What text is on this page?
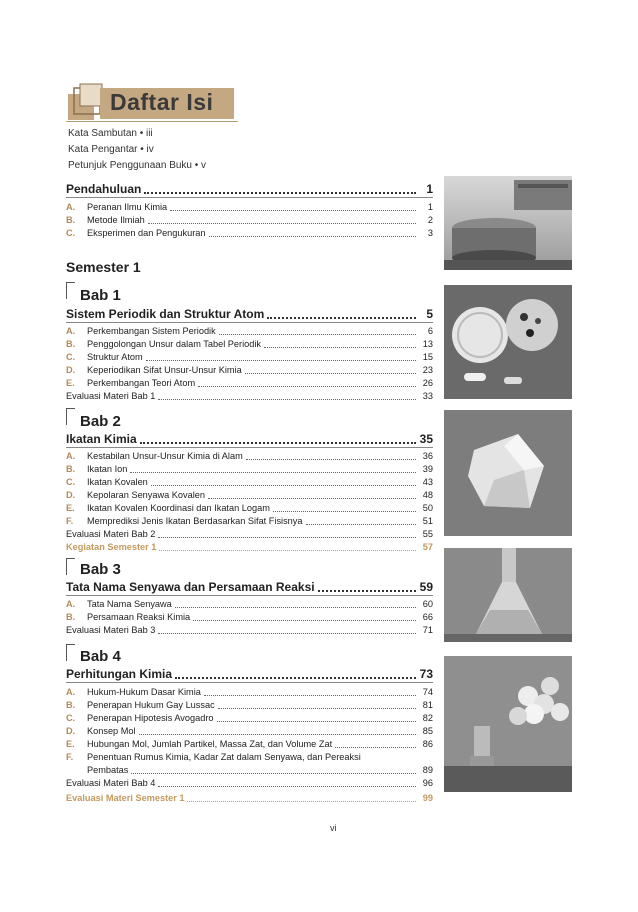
Daftar Isi
Kata Sambutan • iii
Kata Pengantar • iv
Petunjuk Penggunaan Buku • v
Pendahuluan	1
A.	Peranan Ilmu Kimia	1
B.	Metode Ilmiah	2
C.	Eksperimen dan Pengukuran	3
Semester 1
Bab 1
Sistem Periodik dan Struktur Atom	5
A.	Perkembangan Sistem Periodik	6
B.	Penggolongan Unsur dalam Tabel Periodik	13
C.	Struktur Atom	15
D.	Keperiodikan Sifat Unsur-Unsur Kimia	23
E.	Perkembangan Teori Atom	26
Evaluasi Materi Bab 1	33
Bab 2
Ikatan Kimia	35
A.	Kestabilan Unsur-Unsur Kimia di Alam	36
B.	Ikatan Ion	39
C.	Ikatan Kovalen	43
D.	Kepolaran Senyawa Kovalen	48
E.	Ikatan Kovalen Koordinasi dan Ikatan Logam	50
F.	Memprediksi Jenis Ikatan Berdasarkan Sifat Fisisnya	51
Evaluasi Materi Bab 2	55
Kegiatan Semester 1	57
Bab 3
Tata Nama Senyawa dan Persamaan Reaksi	59
A.	Tata Nama Senyawa	60
B.	Persamaan Reaksi Kimia	66
Evaluasi Materi Bab 3	71
Bab 4
Perhitungan Kimia	73
A.	Hukum-Hukum Dasar Kimia	74
B.	Penerapan Hukum Gay Lussac	81
C.	Penerapan Hipotesis Avogadro	82
D.	Konsep Mol	85
E.	Hubungan Mol, Jumlah Partikel, Massa Zat, dan Volume Zat	86
F.	Penentuan Rumus Kimia, Kadar Zat dalam Senyawa, dan Pereaksi
Pembatas	89
Evaluasi Materi Bab 4	96
Evaluasi Materi Semester 1	99
vi
